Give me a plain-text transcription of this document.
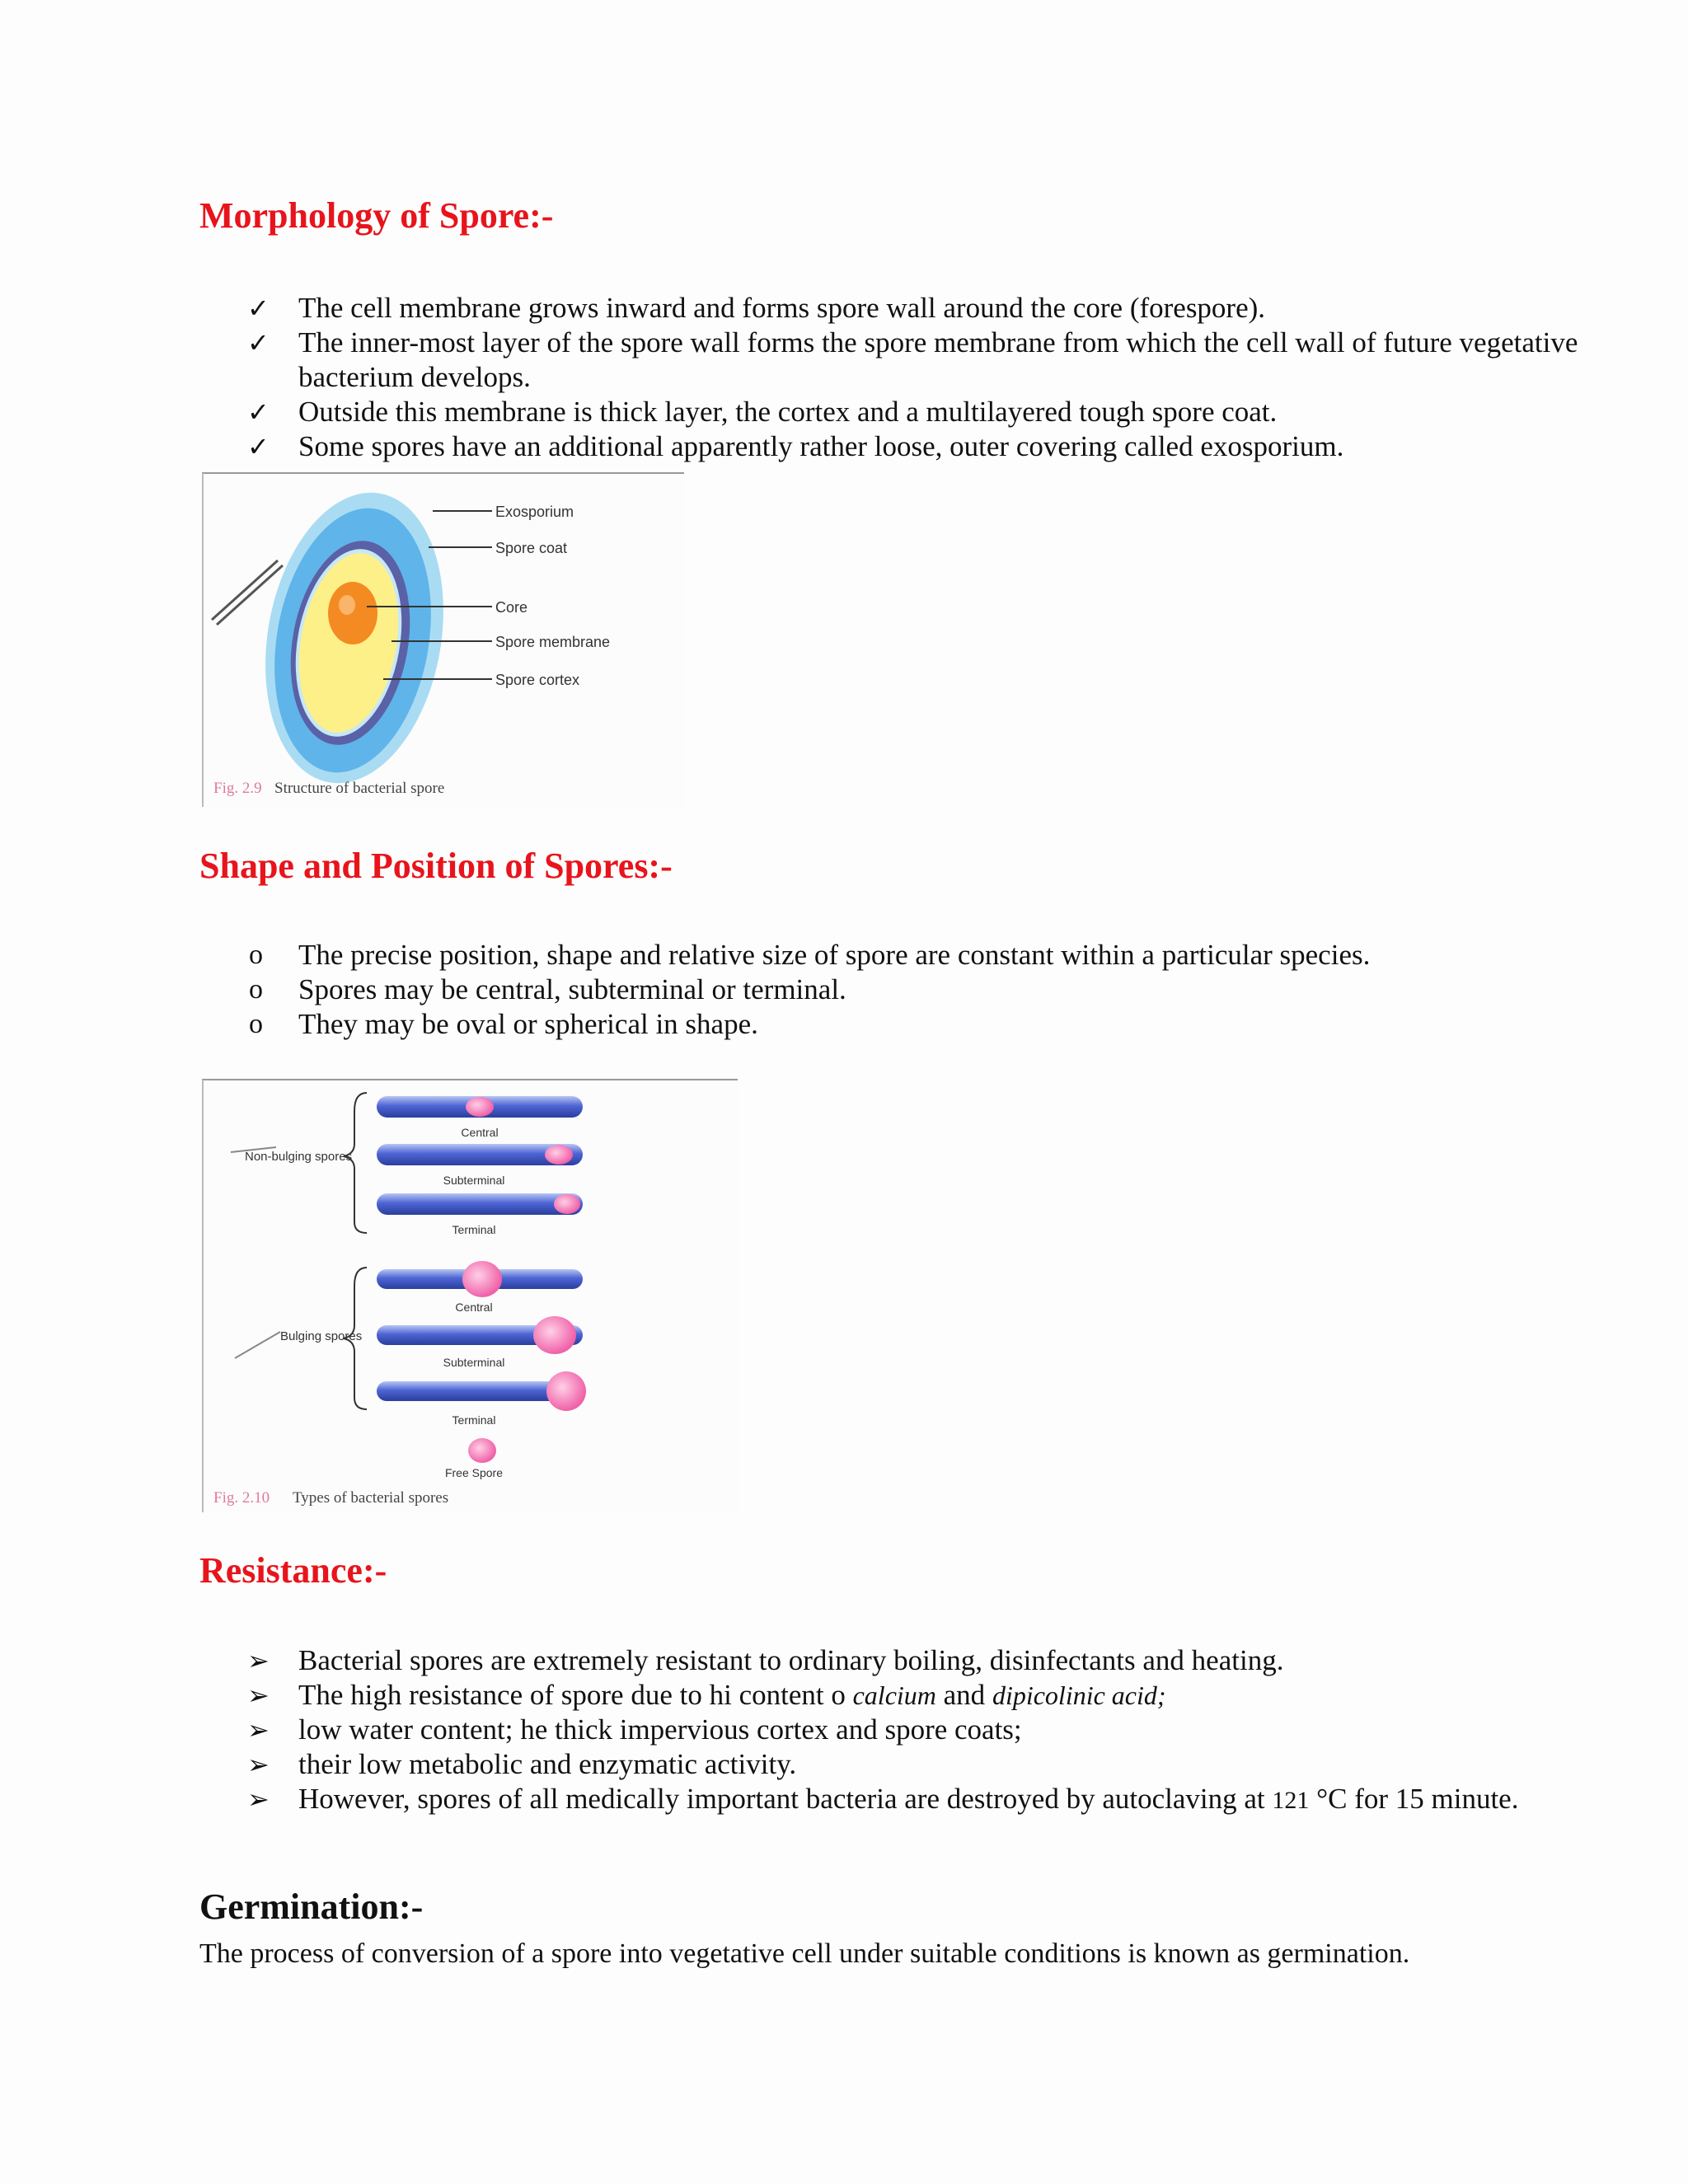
Morphology of Spore:-
✓	The cell membrane grows inward and forms spore wall around the core (forespore).
✓	The inner-most layer of the spore wall forms the spore membrane from which the cell wall of future vegetative bacterium develops.
✓	Outside this membrane is thick layer, the cortex and a multilayered tough spore coat.
✓	Some spores have an additional apparently rather loose, outer covering called exosporium.
Exosporium
Spore coat
Core
Spore membrane
Spore cortex
Fig. 2.9 Structure of bacterial spore
Shape and Position of Spores:-
o	The precise position, shape and relative size of spore are constant within a particular species.
o	Spores may be central, subterminal or terminal.
o	They may be oval or spherical in shape.
Non-bulging spores
Bulging spores
Central
Subterminal
Terminal
Central
Subterminal
Terminal
Free Spore
Fig. 2.10 Types of bacterial spores
Resistance:-
➢	Bacterial spores are extremely resistant to ordinary boiling, disinfectants and heating.
➢	The high resistance of spore due to hi content o calcium and dipicolinic acid;
➢	low water content; he thick impervious cortex and spore coats;
➢	their low metabolic and enzymatic activity.
➢	However, spores of all medically important bacteria are destroyed by autoclaving at 121 °C for 15 minute.
Germination:-

The process of conversion of a spore into vegetative cell under suitable conditions is known as germination.
